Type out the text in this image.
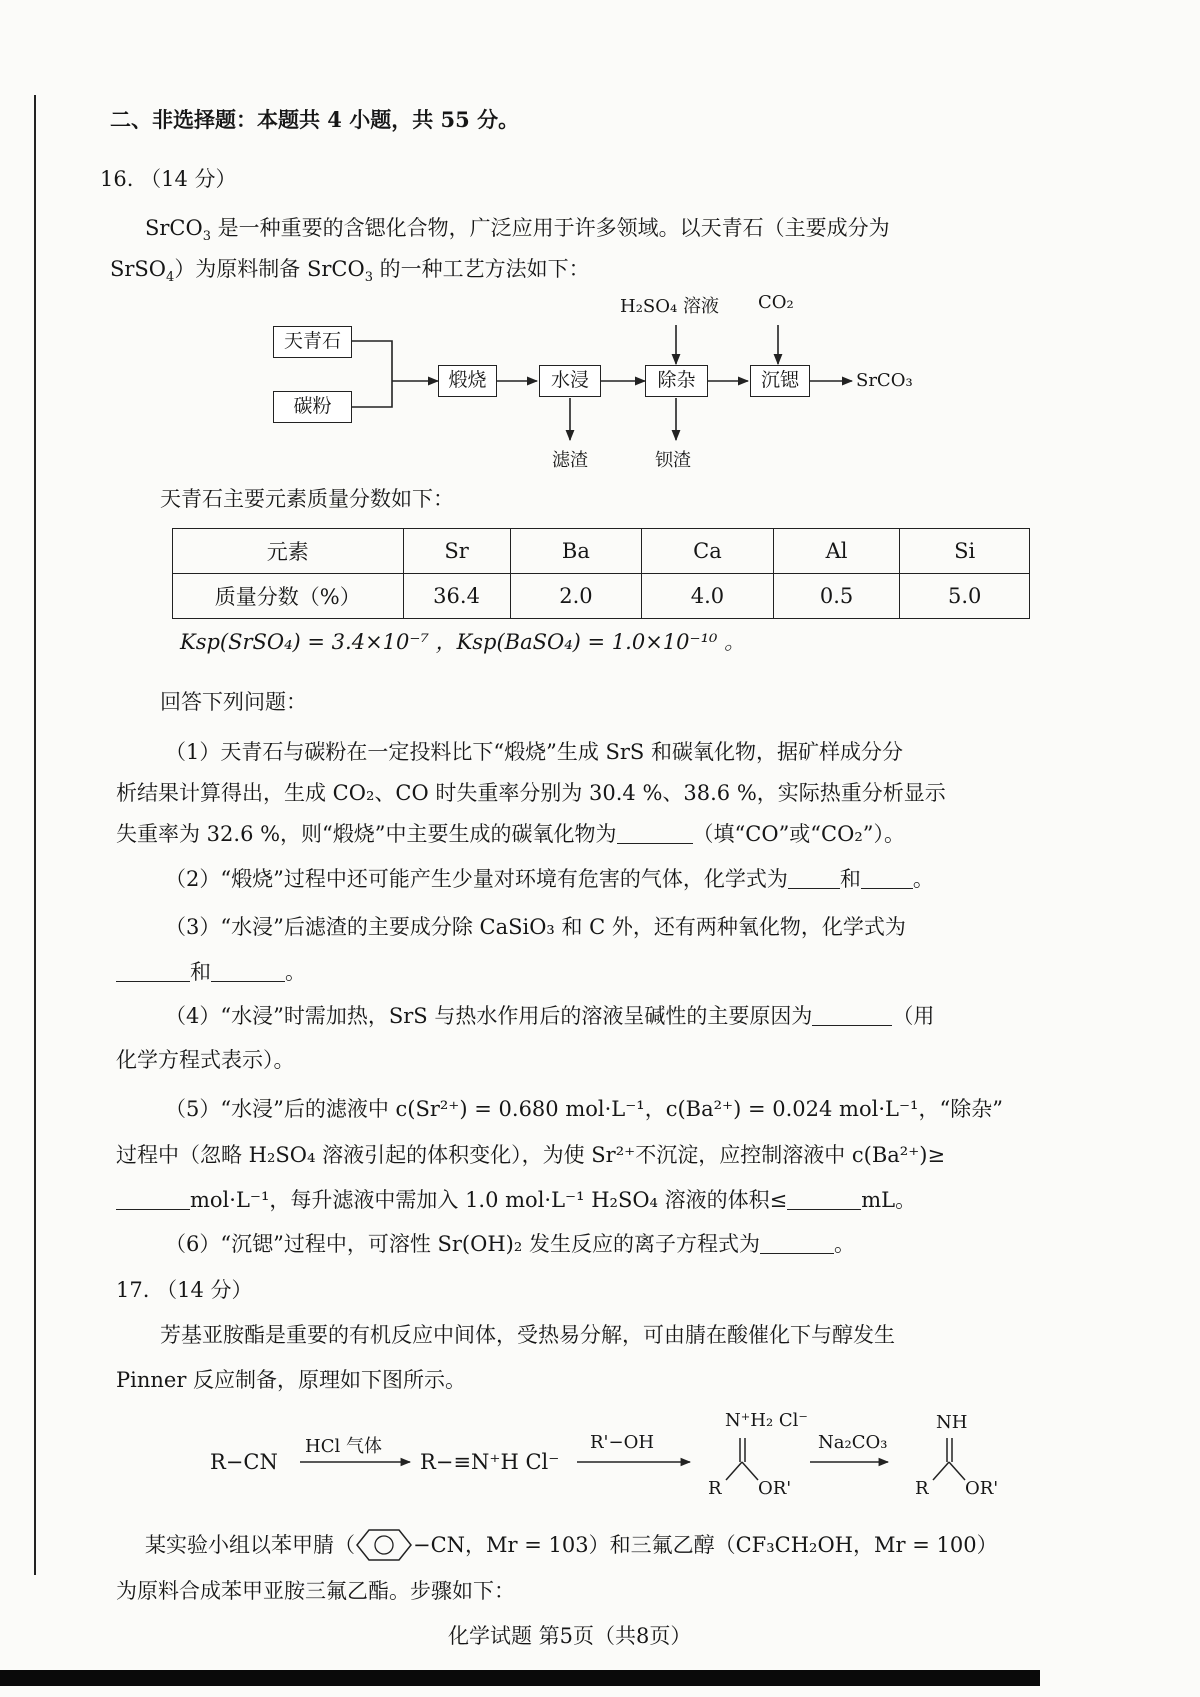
二、非选择题：本题共 4 小题，共 55 分。
16. （14 分）
SrCO$_3$ 是一种重要的含锶化合物，广泛应用于许多领域。以天青石（主要成分为
SrSO$_4$）为原料制备 SrCO$_3$ 的一种工艺方法如下：
天青石
碳粉
煅烧	水浸	除杂	沉锶	SrCO₃
H₂SO₄ 溶液 CO₂
滤渣	钡渣
天青石主要元素质量分数如下：
元素	Sr	Ba	Ca	Al	Si
质量分数（%）	36.4	2.0	4.0	0.5	5.0
Ksp(SrSO₄) = 3.4×10⁻⁷ ，Ksp(BaSO₄) = 1.0×10⁻¹⁰ 。
回答下列问题：
（1）天青石与碳粉在一定投料比下“煅烧”生成 SrS 和碳氧化物，据矿样成分分
析结果计算得出，生成 CO₂、CO 时失重率分别为 30.4 %、38.6 %，实际热重分析显示
失重率为 32.6 %，则“煅烧”中主要生成的碳氧化物为	（填“CO”或“CO₂”）。
（2）“煅烧”过程中还可能产生少量对环境有危害的气体，化学式为 和 。
（3）“水浸”后滤渣的主要成分除 CaSiO₃ 和 C 外，还有两种氧化物，化学式为
和	。
（4）“水浸”时需加热，SrS 与热水作用后的溶液呈碱性的主要原因为	（用
化学方程式表示）。
（5）“水浸”后的滤液中 c(Sr²⁺) = 0.680 mol·L⁻¹，c(Ba²⁺) = 0.024 mol·L⁻¹，“除杂”
过程中（忽略 H₂SO₄ 溶液引起的体积变化），为使 Sr²⁺不沉淀，应控制溶液中 c(Ba²⁺)≥
mol·L⁻¹，每升滤液中需加入 1.0 mol·L⁻¹ H₂SO₄ 溶液的体积≤	mL。
（6）“沉锶”过程中，可溶性 Sr(OH)₂ 发生反应的离子方程式为	。
17. （14 分）
芳基亚胺酯是重要的有机反应中间体，受热易分解，可由腈在酸催化下与醇发生
Pinner 反应制备，原理如下图所示。
R−CN
HCl 气体
R−≡N⁺H Cl⁻
R'−OH
N⁺H₂ Cl⁻
R OR'
Na₂CO₃
NH
R OR'
某实验小组以苯甲腈（	−CN，Mr = 103）和三氟乙醇（CF₃CH₂OH，Mr = 100）
为原料合成苯甲亚胺三氟乙酯。步骤如下：
化学试题 第5页（共8页）
